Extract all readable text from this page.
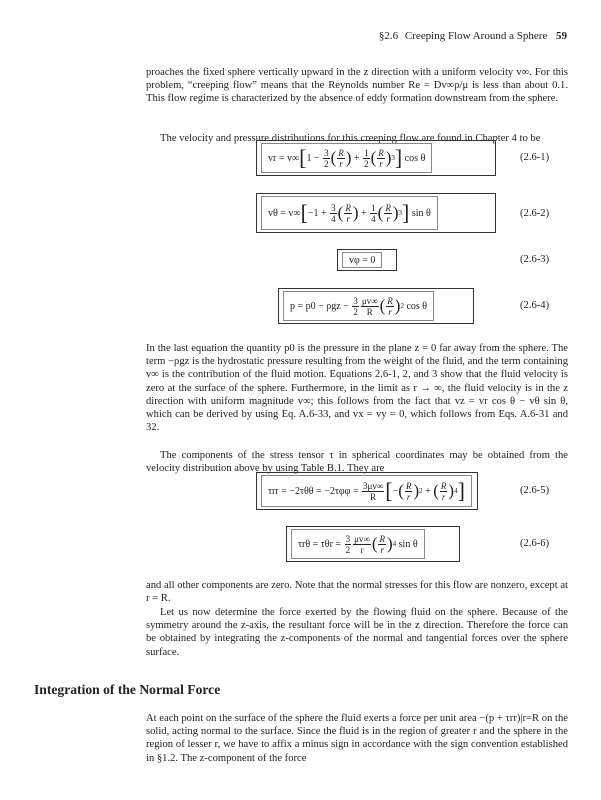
§2.6 Creeping Flow Around a Sphere 59

proaches the fixed sphere vertically upward in the z direction with a uniform velocity v∞. For this problem, “creeping flow” means that the Reynolds number Re = Dv∞ρ/μ is less than about 0.1. This flow regime is characterized by the absence of eddy formation downstream from the sphere.

The velocity and pressure distributions for this creeping flow are found in Chapter 4 to be

vr = v∞ [ 1 −
$\frac{3}{2}$ ( $\frac{R}{r}$ ) + $\frac{1}{2}$ ( $\frac{R}{r}$ ) 3 ]
cos θ	(2.6-1)
vθ = v∞ [ −1 +
$\frac{3}{4}$ ( $\frac{R}{r}$ ) + $\frac{1}{4}$ ( $\frac{R}{r}$ ) 3 ]
sin θ	(2.6-2)
vφ = 0	(2.6-3)
p = p0 − ρgz −
$\frac{3}{2} \frac{\mu v\infty}{R}$ ( $\frac{R}{r}$ ) 2
cos θ	(2.6-4)

In the last equation the quantity p0 is the pressure in the plane z = 0 far away from the sphere. The term −ρgz is the hydrostatic pressure resulting from the weight of the fluid, and the term containing v∞ is the contribution of the fluid motion. Equations 2.6-1, 2, and 3 show that the fluid velocity is zero at the surface of the sphere. Furthermore, in the limit as r → ∞, the fluid velocity is in the z direction with uniform magnitude v∞; this follows from the fact that vz = vr cos θ − vθ sin θ, which can be derived by using Eq. A.6-33, and vx = vy = 0, which follows from Eqs. A.6-31 and 32.

The components of the stress tensor τ in spherical coordinates may be obtained from the velocity distribution above by using Table B.1. They are

τrr = −2τθθ = −2τφφ =
$\frac{3\mu v\infty}{R}$ [ − ( $\frac{R}{r}$ ) 2 + ( $\frac{R}{r}$ ) 4 ]	(2.6-5)
τrθ = τθr =
$\frac{3}{2} \frac{\mu v\infty}{r}$ ( $\frac{R}{r}$ ) 4
sin θ	(2.6-6)

and all other components are zero. Note that the normal stresses for this flow are nonzero, except at r = R.

Let us now determine the force exerted by the flowing fluid on the sphere. Because of the symmetry around the z-axis, the resultant force will be in the z direction. Therefore the force can be obtained by integrating the z-components of the normal and tangential forces over the sphere surface.

Integration of the Normal Force

At each point on the surface of the sphere the fluid exerts a force per unit area −(p + τrr)|r=R on the solid, acting normal to the surface. Since the fluid is in the region of greater r and the sphere in the region of lesser r, we have to affix a minus sign in accordance with the sign convention established in §1.2. The z-component of the force
